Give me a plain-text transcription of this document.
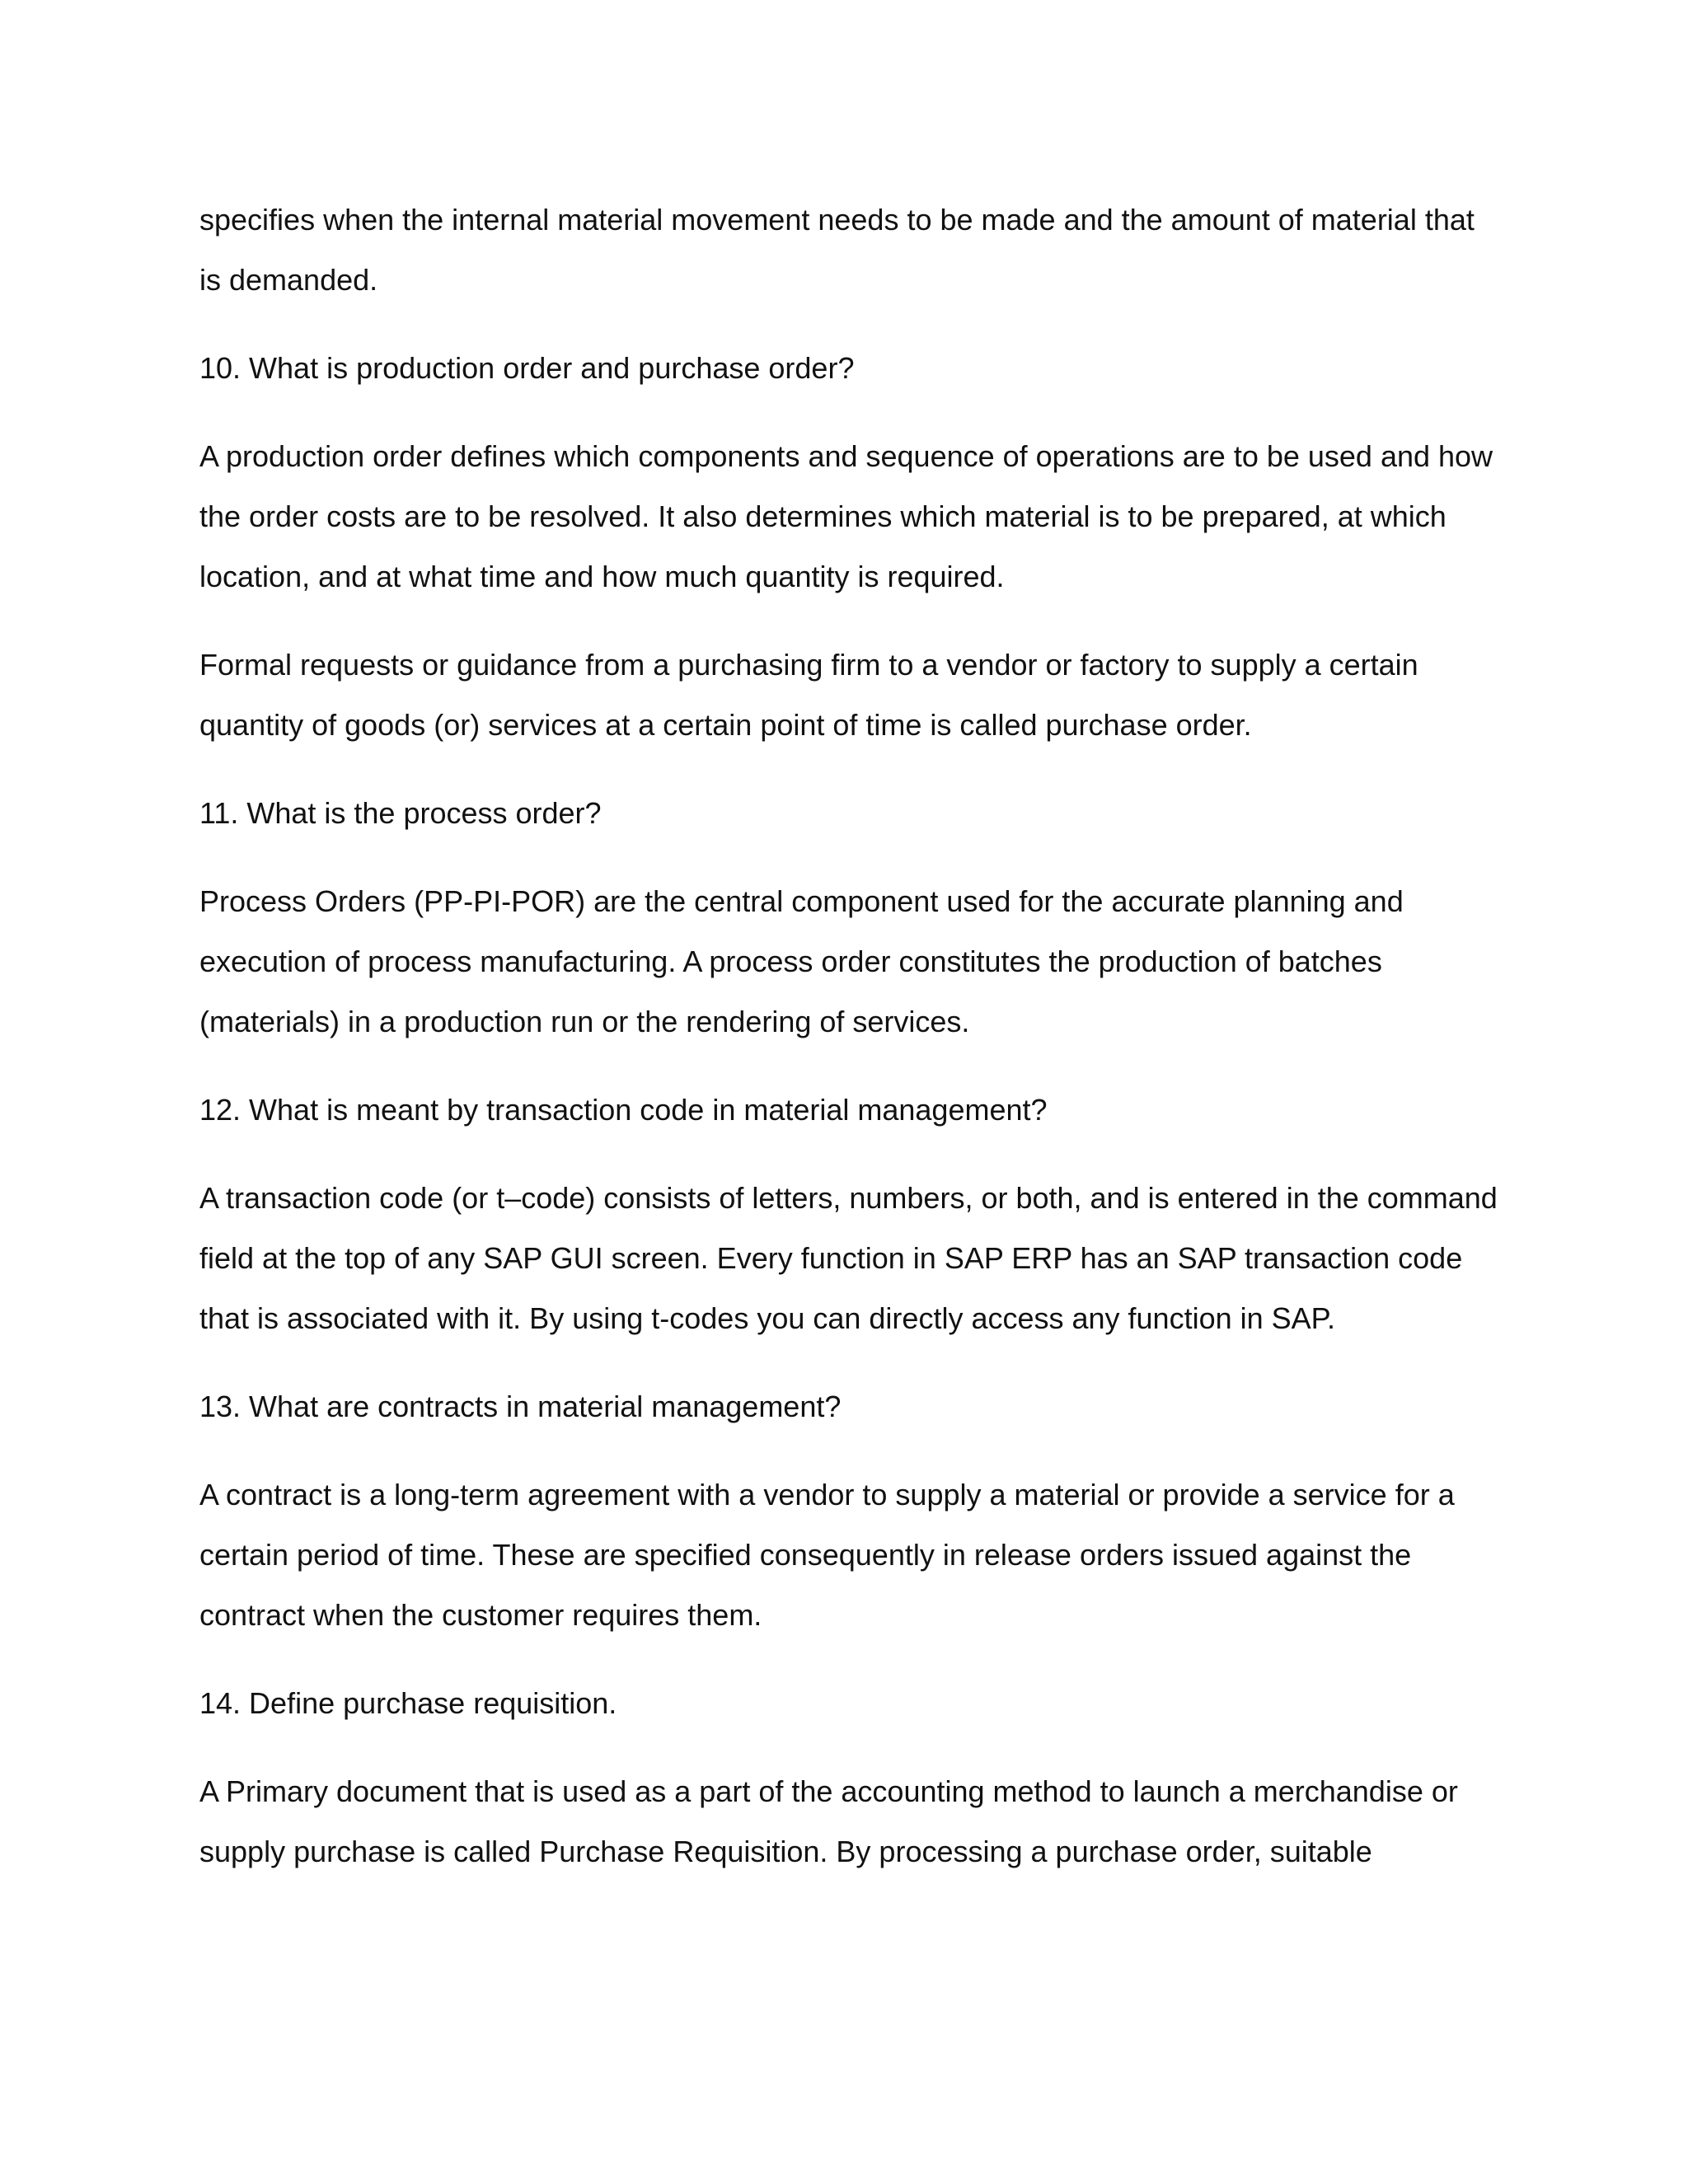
specifies when the internal material movement needs to be made and the amount of material that is demanded.

10. What is production order and purchase order?

A production order defines which components and sequence of operations are to be used and how the order costs are to be resolved. It also determines which material is to be prepared, at which location, and at what time and how much quantity is required.

Formal requests or guidance from a purchasing firm to a vendor or factory to supply a certain quantity of goods (or) services at a certain point of time is called purchase order.

11. What is the process order?

Process Orders (PP-PI-POR) are the central component used for the accurate planning and execution of process manufacturing. A process order constitutes the production of batches (materials) in a production run or the rendering of services.

12. What is meant by transaction code in material management?

A transaction code (or t–code) consists of letters, numbers, or both, and is entered in the command field at the top of any SAP GUI screen. Every function in SAP ERP has an SAP transaction code that is associated with it. By using t-codes you can directly access any function in SAP.

13. What are contracts in material management?

A contract is a long-term agreement with a vendor to supply a material or provide a service for a certain period of time. These are specified consequently in release orders issued against the contract when the customer requires them.

14. Define purchase requisition.

A Primary document that is used as a part of the accounting method to launch a merchandise or supply purchase is called Purchase Requisition. By processing a purchase order, suitable
